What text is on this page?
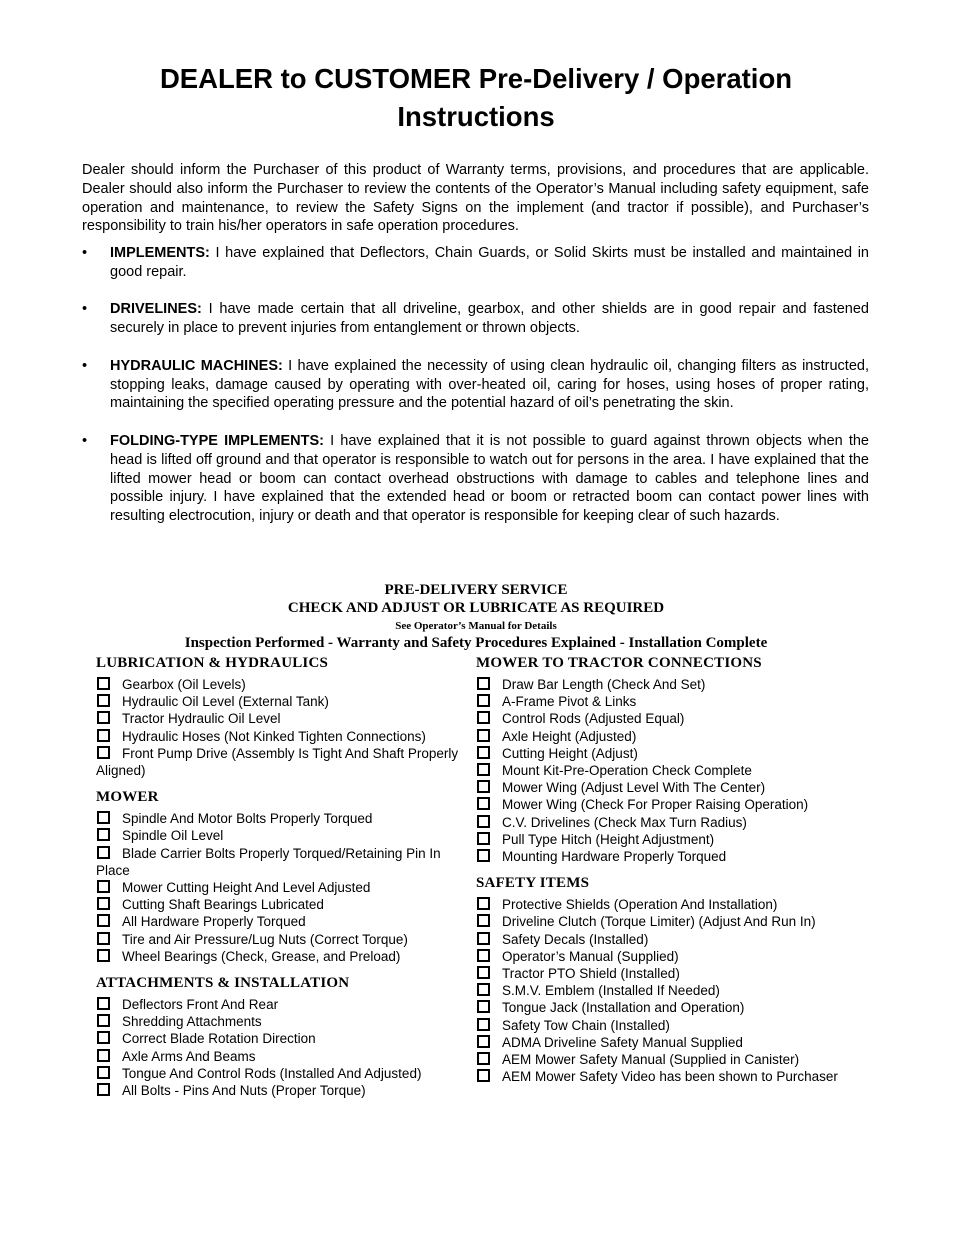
DEALER to CUSTOMER Pre-Delivery / Operation Instructions

Dealer should inform the Purchaser of this product of Warranty terms, provisions, and procedures that are applicable. Dealer should also inform the Purchaser to review the contents of the Operator’s Manual including safety equipment, safe operation and maintenance, to review the Safety Signs on the implement (and tractor if possible), and Purchaser’s responsibility to train his/her operators in safe operation procedures.

• IMPLEMENTS: I have explained that Deflectors, Chain Guards, or Solid Skirts must be installed and maintained in good repair.
• DRIVELINES: I have made certain that all driveline, gearbox, and other shields are in good repair and fastened securely in place to prevent injuries from entanglement or thrown objects.
• HYDRAULIC MACHINES: I have explained the necessity of using clean hydraulic oil, changing filters as instructed, stopping leaks, damage caused by operating with over-heated oil, caring for hoses, using hoses of proper rating, maintaining the specified operating pressure and the potential hazard of oil’s penetrating the skin.
• FOLDING-TYPE IMPLEMENTS: I have explained that it is not possible to guard against thrown objects when the head is lifted off ground and that operator is responsible to watch out for persons in the area. I have explained that the lifted mower head or boom can contact overhead obstructions with damage to cables and telephone lines and possible injury. I have explained that the extended head or boom or retracted boom can contact power lines with resulting electrocution, injury or death and that operator is responsible for keeping clear of such hazards.
PRE-DELIVERY SERVICE
CHECK AND ADJUST OR LUBRICATE AS REQUIRED
See Operator’s Manual for Details
Inspection Performed - Warranty and Safety Procedures Explained - Installation Complete
LUBRICATION & HYDRAULICS
Gearbox (Oil Levels)
Hydraulic Oil Level (External Tank)
Tractor Hydraulic Oil Level
Hydraulic Hoses (Not Kinked Tighten Connections)
Front Pump Drive (Assembly Is Tight And Shaft Properly Aligned)
MOWER
Spindle And Motor Bolts Properly Torqued
Spindle Oil Level
Blade Carrier Bolts Properly Torqued/Retaining Pin In Place
Mower Cutting Height And Level Adjusted
Cutting Shaft Bearings Lubricated
All Hardware Properly Torqued
Tire and Air Pressure/Lug Nuts (Correct Torque)
Wheel Bearings (Check, Grease, and Preload)
ATTACHMENTS & INSTALLATION
Deflectors Front And Rear
Shredding Attachments
Correct Blade Rotation Direction
Axle Arms And Beams
Tongue And Control Rods (Installed And Adjusted)
All Bolts - Pins And Nuts (Proper Torque)
MOWER TO TRACTOR CONNECTIONS
Draw Bar Length (Check And Set)
A-Frame Pivot & Links
Control Rods (Adjusted Equal)
Axle Height (Adjusted)
Cutting Height (Adjust)
Mount Kit-Pre-Operation Check Complete
Mower Wing (Adjust Level With The Center)
Mower Wing (Check For Proper Raising Operation)
C.V. Drivelines (Check Max Turn Radius)
Pull Type Hitch (Height Adjustment)
Mounting Hardware Properly Torqued
SAFETY ITEMS
Protective Shields (Operation And Installation)
Driveline Clutch (Torque Limiter) (Adjust And Run In)
Safety Decals (Installed)
Operator’s Manual (Supplied)
Tractor PTO Shield (Installed)
S.M.V. Emblem (Installed If Needed)
Tongue Jack (Installation and Operation)
Safety Tow Chain (Installed)
ADMA Driveline Safety Manual Supplied
AEM Mower Safety Manual (Supplied in Canister)
AEM Mower Safety Video has been shown to Purchaser
